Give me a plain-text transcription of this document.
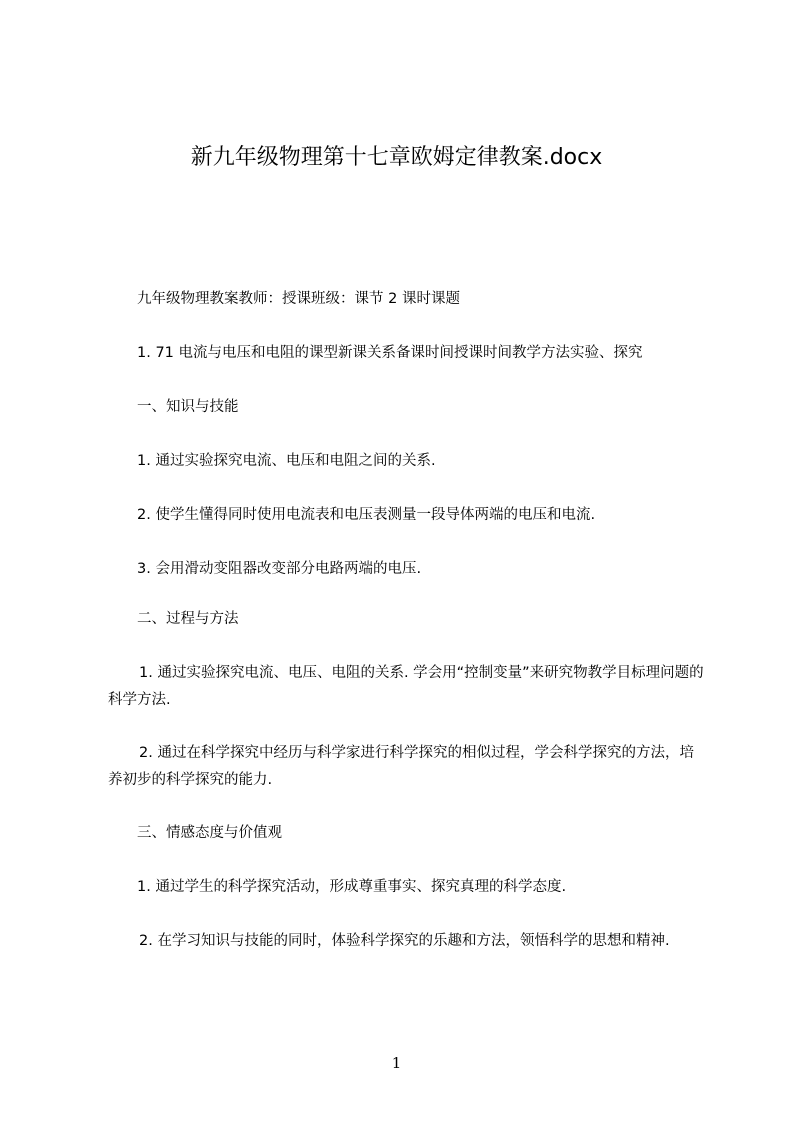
新九年级物理第十七章欧姆定律教案.docx

九年级物理教案教师：授课班级：课节 2 课时课题

1. 71 电流与电压和电阻的课型新课关系备课时间授课时间教学方法实验、探究

一、知识与技能

1. 通过实验探究电流、电压和电阻之间的关系.

2. 使学生懂得同时使用电流表和电压表测量一段导体两端的电压和电流.

3. 会用滑动变阻器改变部分电路两端的电压.

二、过程与方法

1. 通过实验探究电流、电压、电阻的关系. 学会用“控制变量”来研究物教学目标理问题的科学方法.

2. 通过在科学探究中经历与科学家进行科学探究的相似过程，学会科学探究的方法，培养初步的科学探究的能力.

三、情感态度与价值观

1. 通过学生的科学探究活动，形成尊重事实、探究真理的科学态度.

2. 在学习知识与技能的同时，体验科学探究的乐趣和方法，领悟科学的思想和精神.

1
